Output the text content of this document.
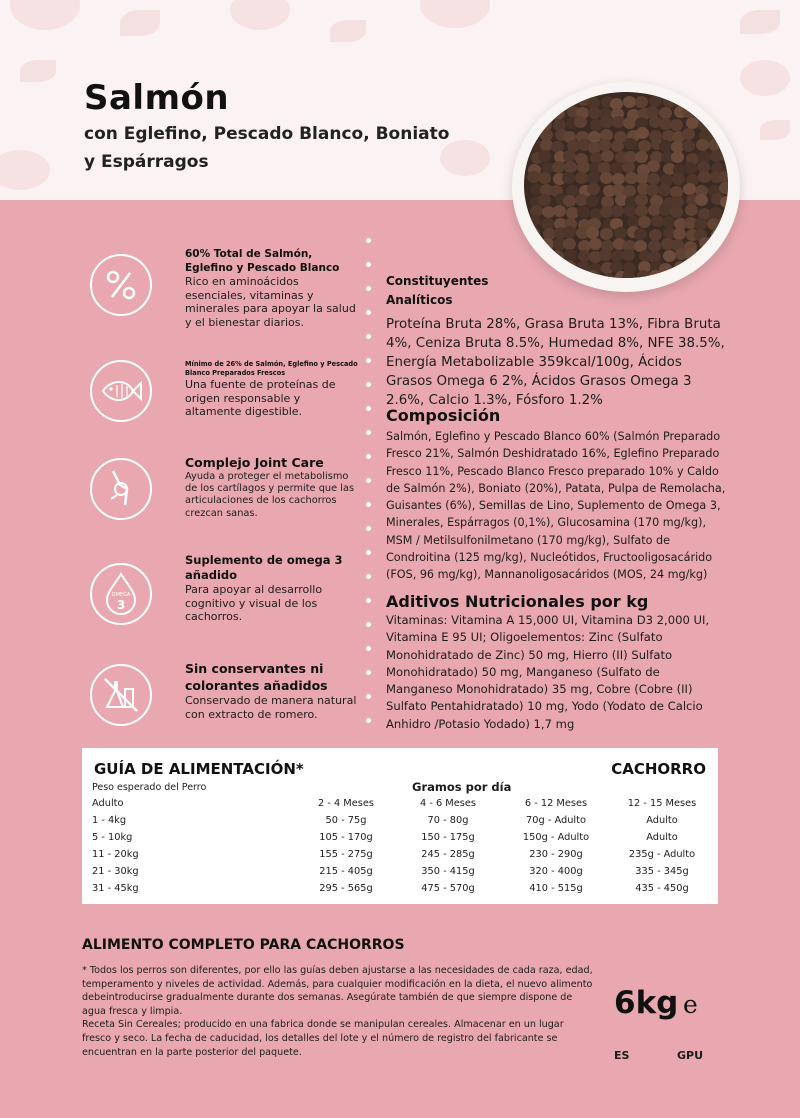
Salmón
con Eglefino, Pescado Blanco, Boniato
y Espárragos
60% Total de Salmón, Eglefino y Pescado Blanco
Rico en aminoácidos esenciales, vitaminas y minerales para apoyar la salud y el bienestar diarios.
Mínimo de 26% de Salmón, Eglefino y Pescado Blanco Preparados Frescos
Una fuente de proteínas de origen responsable y altamente digestible.
Complejo Joint Care
Ayuda a proteger el metabolismo de los cartílagos y permite que las articulaciones de los cachorros crezcan sanas.
OMEGA
3
Suplemento de omega 3 añadido
Para apoyar al desarrollo cognitivo y visual de los cachorros.
Sin conservantes ni colorantes añadidos
Conservado de manera natural con extracto de romero.
Constituyentes Analíticos
Proteína Bruta 28%, Grasa Bruta 13%, Fibra Bruta 4%, Ceniza Bruta 8.5%, Humedad 8%, NFE 38.5%, Energía Metabolizable 359kcal/100g, Ácidos Grasos Omega 6 2%, Ácidos Grasos Omega 3 2.6%, Calcio 1.3%, Fósforo 1.2%
Composición
Salmón, Eglefino y Pescado Blanco 60% (Salmón Preparado Fresco 21%, Salmón Deshidratado 16%, Eglefino Preparado Fresco 11%, Pescado Blanco Fresco preparado 10% y Caldo de Salmón 2%), Boniato (20%), Patata, Pulpa de Remolacha, Guisantes (6%), Semillas de Lino, Suplemento de Omega 3, Minerales, Espárragos (0,1%), Glucosamina (170 mg/kg), MSM / Metilsulfonilmetano (170 mg/kg), Sulfato de Condroitina (125 mg/kg), Nucleótidos, Fructooligosacárido (FOS, 96 mg/kg), Mannanoligosacáridos (MOS, 24 mg/kg)
Aditivos Nutricionales por kg
Vitaminas: Vitamina A 15,000 UI, Vitamina D3 2,000 UI, Vitamina E 95 UI; Oligoelementos: Zinc (Sulfato Monohidratado de Zinc) 50 mg, Hierro (II) Sulfato Monohidratado) 50 mg, Manganeso (Sulfato de Manganeso Monohidratado) 35 mg, Cobre (Cobre (II) Sulfato Pentahidratado) 10 mg, Yodo (Yodato de Calcio Anhidro /Potasio Yodado) 1,7 mg
GUÍA DE ALIMENTACIÓN*	CACHORRO
Peso esperado del Perro	Gramos por día
Adulto	2 - 4 Meses	4 - 6 Meses	6 - 12 Meses	12 - 15 Meses
1 - 4kg	50 - 75g	70 - 80g	70g - Adulto	Adulto
5 - 10kg	105 - 170g	150 - 175g	150g - Adulto	Adulto
11 - 20kg	155 - 275g	245 - 285g	230 - 290g	235g - Adulto
21 - 30kg	215 - 405g	350 - 415g	320 - 400g	335 - 345g
31 - 45kg	295 - 565g	475 - 570g	410 - 515g	435 - 450g
ALIMENTO COMPLETO PARA CACHORROS
* Todos los perros son diferentes, por ello las guías deben ajustarse a las necesidades de cada raza, edad, temperamento y niveles de actividad. Además, para cualquier modificación en la dieta, el nuevo alimento debeintroducirse gradualmente durante dos semanas. Asegúrate también de que siempre dispone de agua fresca y limpia.
Receta Sin Cereales; producido en una fabrica donde se manipulan cereales. Almacenar en un lugar fresco y seco. La fecha de caducidad, los detalles del lote y el número de registro del fabricante se encuentran en la parte posterior del paquete.
6kg e
ES	GPU
